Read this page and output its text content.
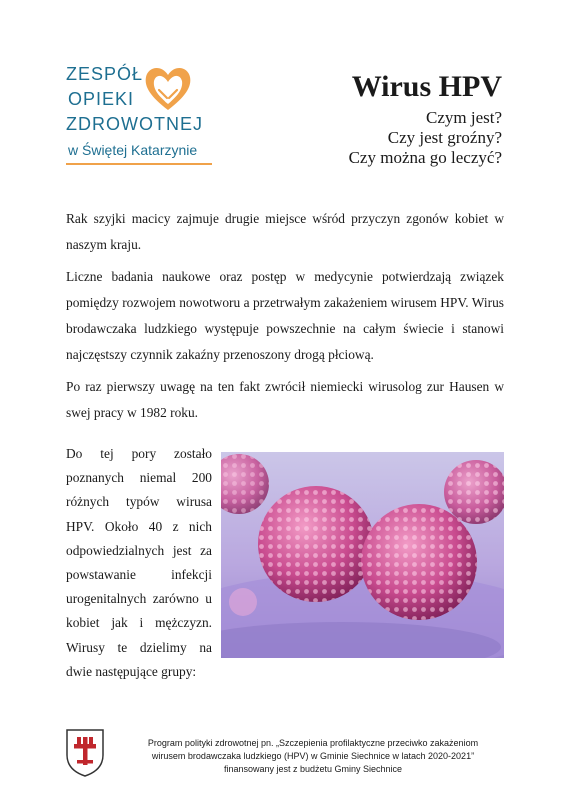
ZESPÓŁ
OPIEKI
ZDROWOTNEJ
w Świętej Katarzynie
Wirus HPV
Czym jest?
Czy jest groźny?
Czy można go leczyć?
Rak szyjki macicy zajmuje drugie miejsce wśród przyczyn zgonów kobiet w naszym kraju.
Liczne badania naukowe oraz postęp w medycynie potwierdzają związek pomiędzy rozwojem nowotworu a przetrwałym zakażeniem wirusem HPV. Wirus brodawczaka ludzkiego występuje powszechnie na całym świecie i stanowi najczęstszy czynnik zakaźny przenoszony drogą płciową.
Po raz pierwszy uwagę na ten fakt zwrócił niemiecki wirusolog zur Hausen w swej pracy w 1982 roku.
Do tej pory zostało poznanych niemal 200 różnych typów wirusa HPV. Około 40 z nich odpowiedzialnych jest za powstawanie infekcji urogenitalnych zarówno u kobiet jak i mężczyzn. Wirusy te dzielimy na dwie następujące grupy:
Program polityki zdrowotnej pn. „Szczepienia profilaktyczne przeciwko zakażeniom
wirusem brodawczaka ludzkiego (HPV) w Gminie Siechnice w latach 2020-2021”
finansowany jest z budżetu Gminy Siechnice
